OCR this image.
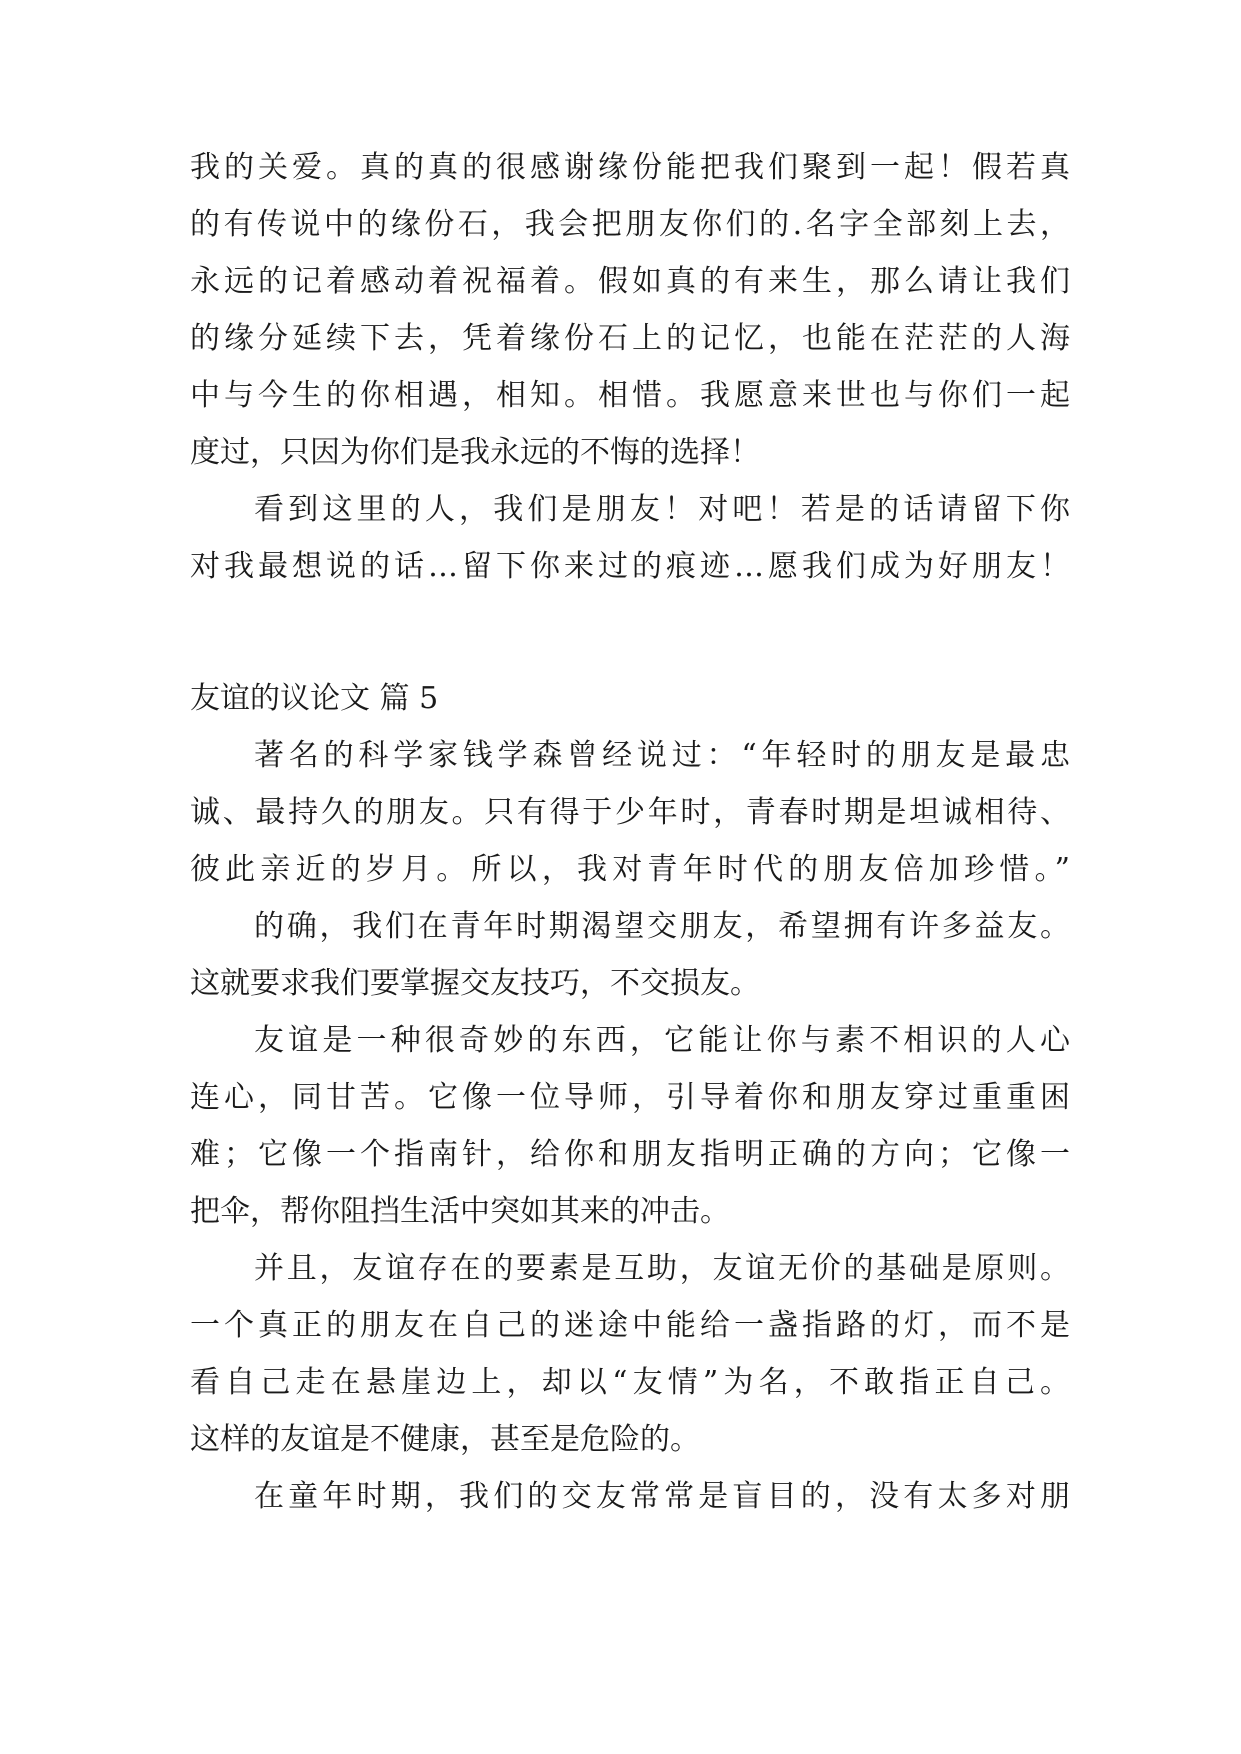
我的关爱。真的真的很感谢缘份能把我们聚到一起！假若真
的有传说中的缘份石，我会把朋友你们的.名字全部刻上去，
永远的记着感动着祝福着。假如真的有来生，那么请让我们
的缘分延续下去，凭着缘份石上的记忆，也能在茫茫的人海
中与今生的你相遇，相知。相惜。我愿意来世也与你们一起
度过，只因为你们是我永远的不悔的选择！
看到这里的人，我们是朋友！对吧！若是的话请留下你
对我最想说的话…留下你来过的痕迹…愿我们成为好朋友！
友谊的议论文 篇 5
著名的科学家钱学森曾经说过：“年轻时的朋友是最忠
诚、最持久的朋友。只有得于少年时，青春时期是坦诚相待、
彼此亲近的岁月。所以，我对青年时代的朋友倍加珍惜。”
的确，我们在青年时期渴望交朋友，希望拥有许多益友。
这就要求我们要掌握交友技巧，不交损友。
友谊是一种很奇妙的东西，它能让你与素不相识的人心
连心，同甘苦。它像一位导师，引导着你和朋友穿过重重困
难；它像一个指南针，给你和朋友指明正确的方向；它像一
把伞，帮你阻挡生活中突如其来的冲击。
并且，友谊存在的要素是互助，友谊无价的基础是原则。
一个真正的朋友在自己的迷途中能给一盏指路的灯，而不是
看自己走在悬崖边上，却以“友情”为名，不敢指正自己。
这样的友谊是不健康，甚至是危险的。
在童年时期，我们的交友常常是盲目的，没有太多对朋
